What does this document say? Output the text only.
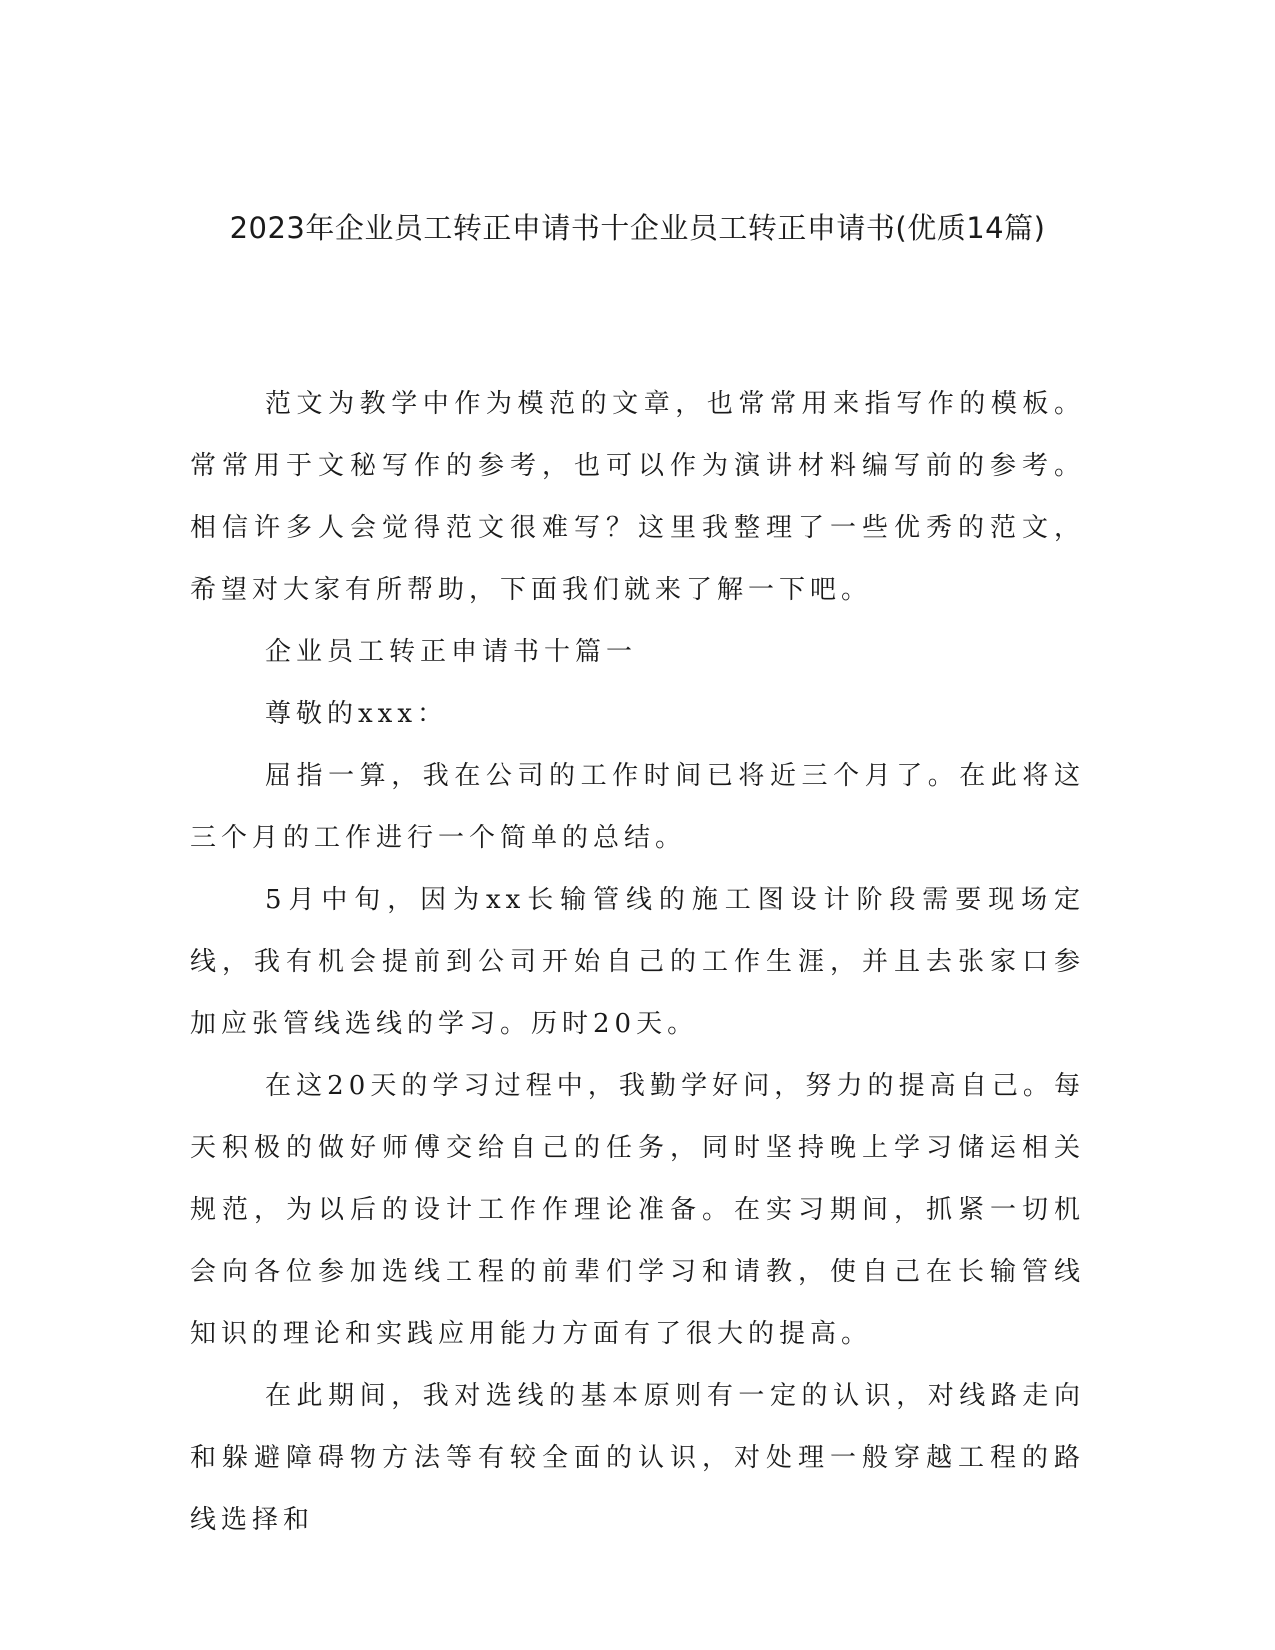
2023年企业员工转正申请书十企业员工转正申请书(优质14篇)

范文为教学中作为模范的文章，也常常用来指写作的模板。常常用于文秘写作的参考，也可以作为演讲材料编写前的参考。相信许多人会觉得范文很难写？这里我整理了一些优秀的范文，希望对大家有所帮助，下面我们就来了解一下吧。

企业员工转正申请书十篇一

尊敬的xxx：

屈指一算，我在公司的工作时间已将近三个月了。在此将这三个月的工作进行一个简单的总结。

5月中旬，因为xx长输管线的施工图设计阶段需要现场定线，我有机会提前到公司开始自己的工作生涯，并且去张家口参加应张管线选线的学习。历时20天。

在这20天的学习过程中，我勤学好问，努力的提高自己。每天积极的做好师傅交给自己的任务，同时坚持晚上学习储运相关规范，为以后的设计工作作理论准备。在实习期间，抓紧一切机会向各位参加选线工程的前辈们学习和请教，使自己在长输管线知识的理论和实践应用能力方面有了很大的提高。

在此期间，我对选线的基本原则有一定的认识，对线路走向和躲避障碍物方法等有较全面的认识，对处理一般穿越工程的路线选择和
